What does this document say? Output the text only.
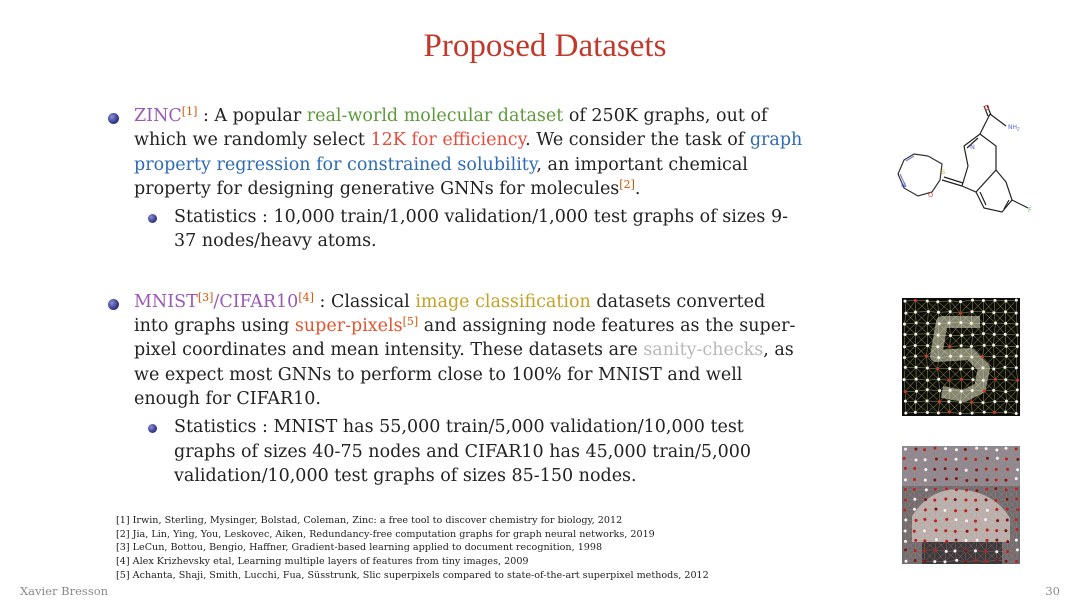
Proposed Datasets

ZINC[1] : A popular real-world molecular dataset of 250K graphs, out of which we randomly select 12K for efficiency. We consider the task of graph property regression for constrained solubility, an important chemical property for designing generative GNNs for molecules[2].

Statistics : 10,000 train/1,000 validation/1,000 test graphs of sizes 9-37 nodes/heavy atoms.

MNIST[3]/CIFAR10[4] : Classical image classification datasets converted into graphs using super-pixels[5] and assigning node features as the super-pixel coordinates and mean intensity. These datasets are sanity-checks, as we expect most GNNs to perform close to 100% for MNIST and well enough for CIFAR10.

Statistics : MNIST has 55,000 train/5,000 validation/10,000 test graphs of sizes 40-75 nodes and CIFAR10 has 45,000 train/5,000 validation/10,000 test graphs of sizes 85-150 nodes.

O
$NH_2$
N
N
O
S
F
[1] Irwin, Sterling, Mysinger, Bolstad, Coleman, Zinc: a free tool to discover chemistry for biology, 2012
[2] Jia, Lin, Ying, You, Leskovec, Aiken, Redundancy-free computation graphs for graph neural networks, 2019
[3] LeCun, Bottou, Bengio, Haffner, Gradient-based learning applied to document recognition, 1998
[4] Alex Krizhevsky etal, Learning multiple layers of features from tiny images, 2009
[5] Achanta, Shaji, Smith, Lucchi, Fua, Süsstrunk, Slic superpixels compared to state-of-the-art superpixel methods, 2012
Xavier Bresson	30
